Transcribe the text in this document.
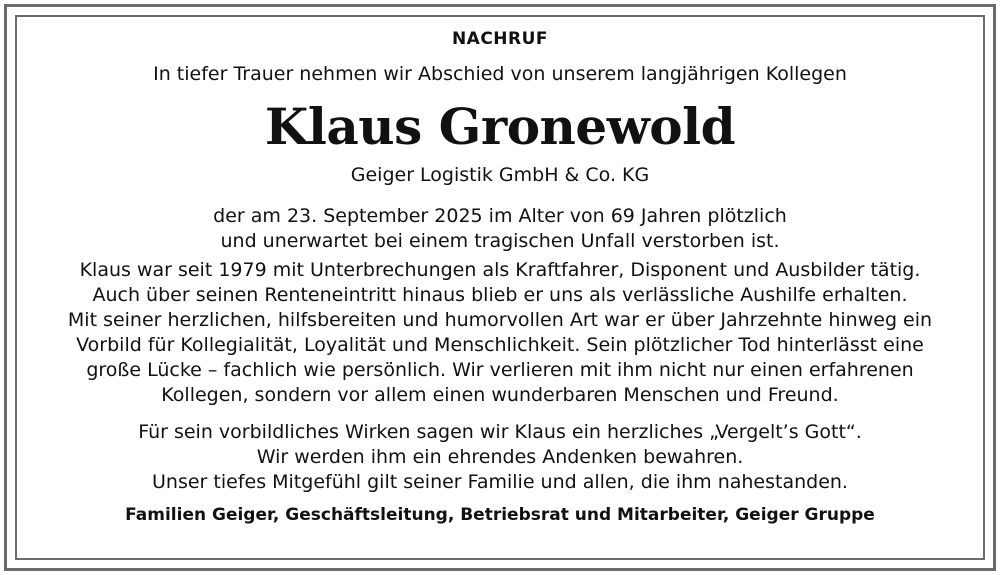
NACHRUF
In tiefer Trauer nehmen wir Abschied von unserem langjährigen Kollegen
Klaus Gronewold
Geiger Logistik GmbH & Co. KG
der am 23. September 2025 im Alter von 69 Jahren plötzlich
und unerwartet bei einem tragischen Unfall verstorben ist.
Klaus war seit 1979 mit Unterbrechungen als Kraftfahrer, Disponent und Ausbilder tätig.
Auch über seinen Renteneintritt hinaus blieb er uns als verlässliche Aushilfe erhalten.
Mit seiner herzlichen, hilfsbereiten und humorvollen Art war er über Jahrzehnte hinweg ein
Vorbild für Kollegialität, Loyalität und Menschlichkeit. Sein plötzlicher Tod hinterlässt eine
große Lücke – fachlich wie persönlich. Wir verlieren mit ihm nicht nur einen erfahrenen
Kollegen, sondern vor allem einen wunderbaren Menschen und Freund.
Für sein vorbildliches Wirken sagen wir Klaus ein herzliches „Vergelt’s Gott“.
Wir werden ihm ein ehrendes Andenken bewahren.
Unser tiefes Mitgefühl gilt seiner Familie und allen, die ihm nahestanden.
Familien Geiger, Geschäftsleitung, Betriebsrat und Mitarbeiter, Geiger Gruppe
